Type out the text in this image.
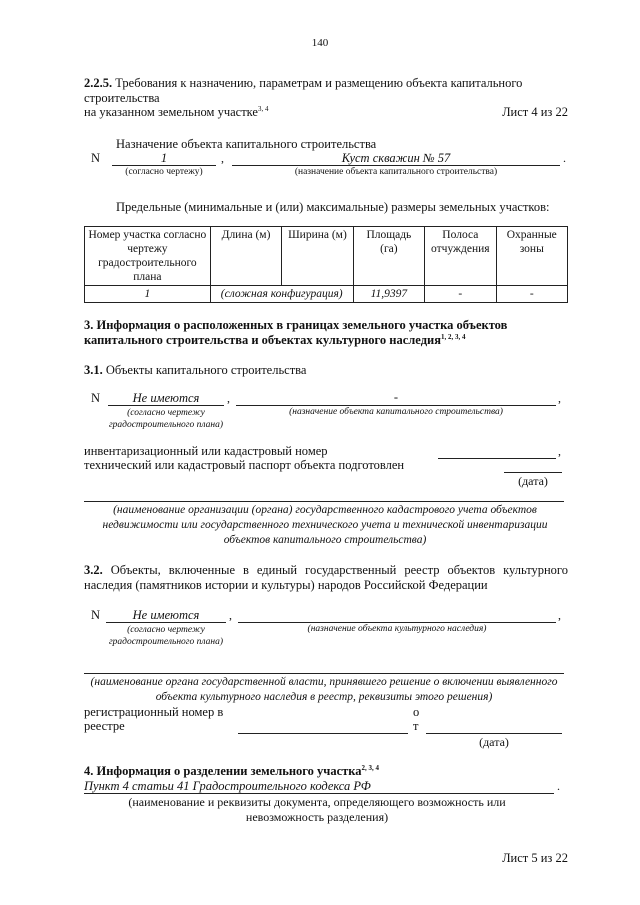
140
2.2.5. Требования к назначению, параметрам и размещению объекта капитального
строительства
на указанном земельном участке$^{3, 4}$	Лист 4 из 22
Назначение объекта капитального строительства
N	1	,	Куст скважин № 57	.
(согласно чертежу)	(назначение объекта капитального строительства)
Предельные (минимальные и (или) максимальные) размеры земельных участков:
Номер участка согласно чертежу градостроительного плана	Длина (м)	Ширина (м)	Площадь (га)	Полоса отчуждения	Охранные зоны
1	(сложная конфигурация)		11,9397	-	-
3. Информация о расположенных в границах земельного участка объектов
капитального строительства и объектах культурного наследия$^{1, 2, 3, 4}$
3.1. Объекты капитального строительства
N	Не имеются	,	-	,
(согласно чертежу градостроительного плана)
(назначение объекта капитального строительства)
инвентаризационный или кадастровый номер	,
технический или кадастровый паспорт объекта подготовлен
(дата)
(наименование организации (органа) государственного кадастрового учета объектов недвижимости или государственного технического учета и технической инвентаризации объектов капитального строительства)
3.2. Объекты, включенные в единый государственный реестр объектов культурного наследия (памятников истории и культуры) народов Российской Федерации
N	Не имеются	,	,
(согласно чертежу градостроительного плана)
(назначение объекта культурного наследия)
(наименование органа государственной власти, принявшего решение о включении выявленного объекта культурного наследия в реестр, реквизиты этого решения)
регистрационный номер в
реестре
о
т
(дата)
4. Информация о разделении земельного участка$^{2, 3, 4}$
Пункт 4 статьи 41 Градостроительного кодекса РФ	.
(наименование и реквизиты документа, определяющего возможность или невозможность разделения)
Лист 5 из 22
